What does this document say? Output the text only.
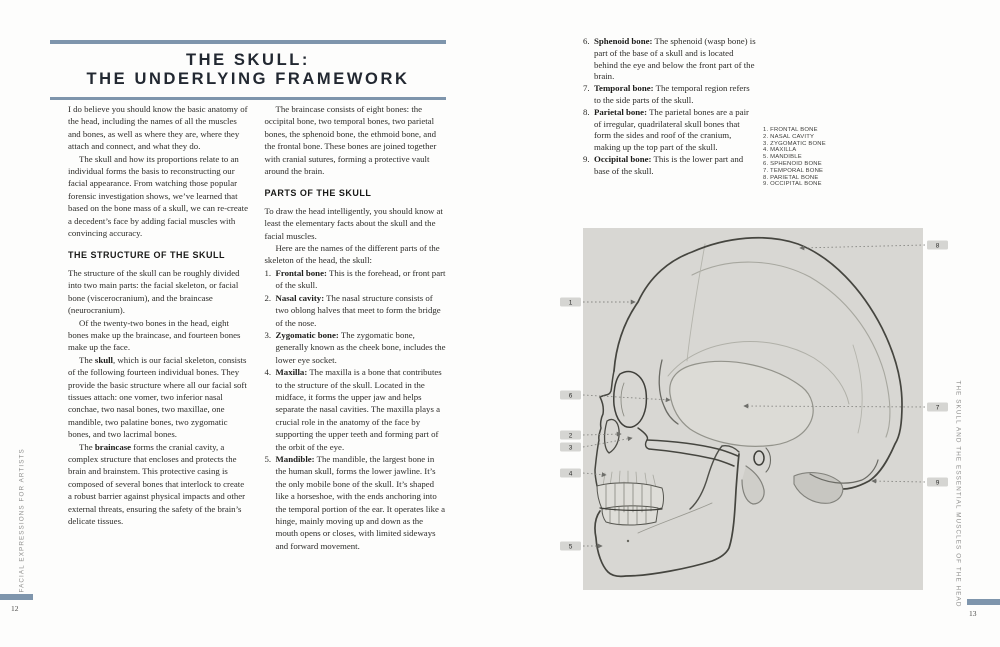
THE SKULL:
THE UNDERLYING FRAMEWORK

I do believe you should know the basic anatomy of the head, including the names of all the muscles and bones, as well as where they are, where they attach and connect, and what they do.

The skull and how its proportions relate to an individual forms the basis to reconstructing our facial appearance. From watching those popular forensic investigation shows, we’ve learned that based on the bone mass of a skull, we can re-create a decedent’s face by adding facial muscles with convincing accuracy.

THE STRUCTURE OF THE SKULL

The structure of the skull can be roughly divided into two main parts: the facial skeleton, or facial bone (viscerocranium), and the braincase (neurocranium).

Of the twenty-two bones in the head, eight bones make up the braincase, and fourteen bones make up the face.

The skull, which is our facial skeleton, consists of the following fourteen individual bones. They provide the basic structure where all our facial soft tissues attach: one vomer, two inferior nasal conchae, two nasal bones, two maxillae, one mandible, two palatine bones, two zygomatic bones, and two lacrimal bones.

The braincase forms the cranial cavity, a complex structure that encloses and protects the brain and brainstem. This protective casing is composed of several bones that interlock to create a robust barrier against physical impacts and other external threats, ensuring the safety of the brain’s delicate tissues.

The braincase consists of eight bones: the occipital bone, two temporal bones, two parietal bones, the sphenoid bone, the ethmoid bone, and the frontal bone. These bones are joined together with cranial sutures, forming a protective vault around the brain.

PARTS OF THE SKULL

To draw the head intelligently, you should know at least the elementary facts about the skull and the facial muscles.

Here are the names of the different parts of the skeleton of the head, the skull:

1. Frontal bone: This is the forehead, or front part of the skull.
2. Nasal cavity: The nasal structure consists of two oblong halves that meet to form the bridge of the nose.
3. Zygomatic bone: The zygomatic bone, generally known as the cheek bone, includes the lower eye socket.
4. Maxilla: The maxilla is a bone that contributes to the structure of the skull. Located in the midface, it forms the upper jaw and helps separate the nasal cavities. The maxilla plays a crucial role in the anatomy of the face by supporting the upper teeth and forming part of the orbit of the eye.
5. Mandible: The mandible, the largest bone in the human skull, forms the lower jawline. It’s the only mobile bone of the skull. It’s shaped like a horseshoe, with the ends anchoring into the temporal portion of the ear. It operates like a hinge, mainly moving up and down as the mouth opens or closes, with limited sideways and forward movement.
FACIAL EXPRESSIONS FOR ARTISTS
12
6. Sphenoid bone: The sphenoid (wasp bone) is part of the base of a skull and is located behind the eye and below the front part of the brain.
7. Temporal bone: The temporal region refers to the side parts of the skull.
8. Parietal bone: The parietal bones are a pair of irregular, quadrilateral skull bones that form the sides and roof of the cranium, making up the top part of the skull.
9. Occipital bone: This is the lower part and base of the skull.
1. FRONTAL BONE
2. NASAL CAVITY
3. ZYGOMATIC BONE
4. MAXILLA
5. MANDIBLE
6. SPHENOID BONE
7. TEMPORAL BONE
8. PARIETAL BONE
9. OCCIPITAL BONE
1
2
3
4
5
6
7
8
9 THE SKULL AND THE ESSENTIAL MUSCLES OF THE HEAD
13
